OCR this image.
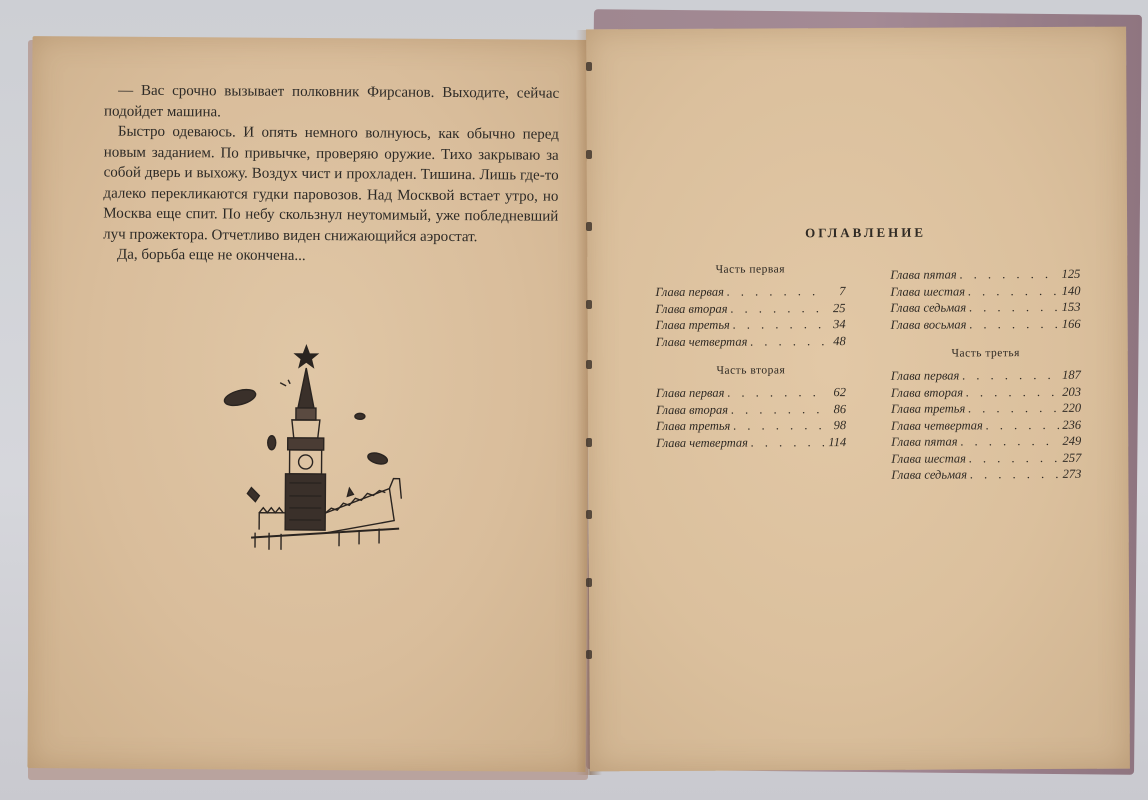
— Вас срочно вызывает полковник Фирсанов. Выходите, сейчас подойдет машина.

Быстро одеваюсь. И опять немного волнуюсь, как обычно перед новым заданием. По привычке, проверяю оружие. Тихо закрываю за собой дверь и выхожу. Воздух чист и прохладен. Тишина. Лишь где-то далеко перекликаются гудки паровозов. Над Москвой встает утро, но Москва еще спит. По небу скользнул неутомимый, уже побледневший луч прожектора. Отчетливо виден снижающийся аэростат.

Да, борьба еще не окончена...

ОГЛАВЛЕНИЕ
Часть первая
Глава первая . . .	7
Глава вторая . . .	25
Глава третья . . .	34
Глава четвертая . . .	48
Часть вторая
Глава первая . . .	62
Глава вторая . . .	86
Глава третья . . .	98
Глава четвертая . . .	114
Глава пятая . . .	125
Глава шестая . . .	140
Глава седьмая . . .	153
Глава восьмая . . .	166
Часть третья
Глава первая . . .	187
Глава вторая . . .	203
Глава третья . . .	220
Глава четвертая . . .	236
Глава пятая . . .	249
Глава шестая . . .	257
Глава седьмая . . .	273
